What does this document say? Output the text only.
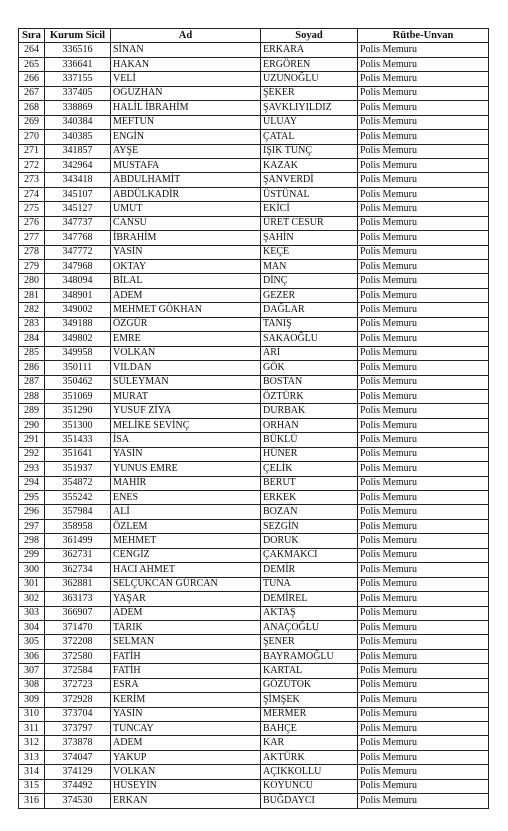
Sıra	Kurum Sicil	Ad	Soyad	Rütbe-Unvan
264	336516	SİNAN	ERKARA	Polis Memuru
265	336641	HAKAN	ERGÖREN	Polis Memuru
266	337155	VELİ	UZUNOĞLU	Polis Memuru
267	337405	OĞUZHAN	ŞEKER	Polis Memuru
268	338869	HALİL İBRAHİM	ŞAVKLIYILDIZ	Polis Memuru
269	340384	MEFTUN	ULUAY	Polis Memuru
270	340385	ENGİN	ÇATAL	Polis Memuru
271	341857	AYŞE	IŞIK TUNÇ	Polis Memuru
272	342964	MUSTAFA	KAZAK	Polis Memuru
273	343418	ABDULHAMİT	ŞANVERDİ	Polis Memuru
274	345107	ABDÜLKADİR	ÜSTÜNAL	Polis Memuru
275	345127	UMUT	EKİCİ	Polis Memuru
276	347737	CANSU	ÜRET CESUR	Polis Memuru
277	347768	İBRAHİM	ŞAHİN	Polis Memuru
278	347772	YASİN	KEÇE	Polis Memuru
279	347968	OKTAY	MAN	Polis Memuru
280	348094	BİLAL	DİNÇ	Polis Memuru
281	348901	ADEM	GEZER	Polis Memuru
282	349002	MEHMET GÖKHAN	DAĞLAR	Polis Memuru
283	349188	ÖZGÜR	TANIŞ	Polis Memuru
284	349802	EMRE	SAKAOĞLU	Polis Memuru
285	349958	VOLKAN	ARI	Polis Memuru
286	350111	VILDAN	GÖK	Polis Memuru
287	350462	SÜLEYMAN	BOSTAN	Polis Memuru
288	351069	MURAT	ÖZTÜRK	Polis Memuru
289	351290	YUSUF ZİYA	DURBAK	Polis Memuru
290	351300	MELİKE SEVİNÇ	ORHAN	Polis Memuru
291	351433	İSA	BÜKLÜ	Polis Memuru
292	351641	YASİN	HÜNER	Polis Memuru
293	351937	YUNUS EMRE	ÇELİK	Polis Memuru
294	354872	MAHİR	BERUT	Polis Memuru
295	355242	ENES	ERKEK	Polis Memuru
296	357984	ALİ	BOZAN	Polis Memuru
297	358958	ÖZLEM	SEZGİN	Polis Memuru
298	361499	MEHMET	DORUK	Polis Memuru
299	362731	CENGİZ	ÇAKMAKCI	Polis Memuru
300	362734	HACI AHMET	DEMİR	Polis Memuru
301	362881	SELÇUKCAN GÜRCAN	TUNA	Polis Memuru
302	363173	YAŞAR	DEMİREL	Polis Memuru
303	366907	ADEM	AKTAŞ	Polis Memuru
304	371470	TARIK	ANAÇOĞLU	Polis Memuru
305	372208	SELMAN	ŞENER	Polis Memuru
306	372580	FATİH	BAYRAMOĞLU	Polis Memuru
307	372584	FATİH	KARTAL	Polis Memuru
308	372723	ESRA	GÖZÜTOK	Polis Memuru
309	372928	KERİM	ŞİMŞEK	Polis Memuru
310	373704	YASİN	MERMER	Polis Memuru
311	373797	TUNCAY	BAHÇE	Polis Memuru
312	373878	ADEM	KAR	Polis Memuru
313	374047	YAKUP	AKTÜRK	Polis Memuru
314	374129	VOLKAN	AÇIKKOLLU	Polis Memuru
315	374492	HÜSEYİN	KOYUNCU	Polis Memuru
316	374530	ERKAN	BUĞDAYCI	Polis Memuru
